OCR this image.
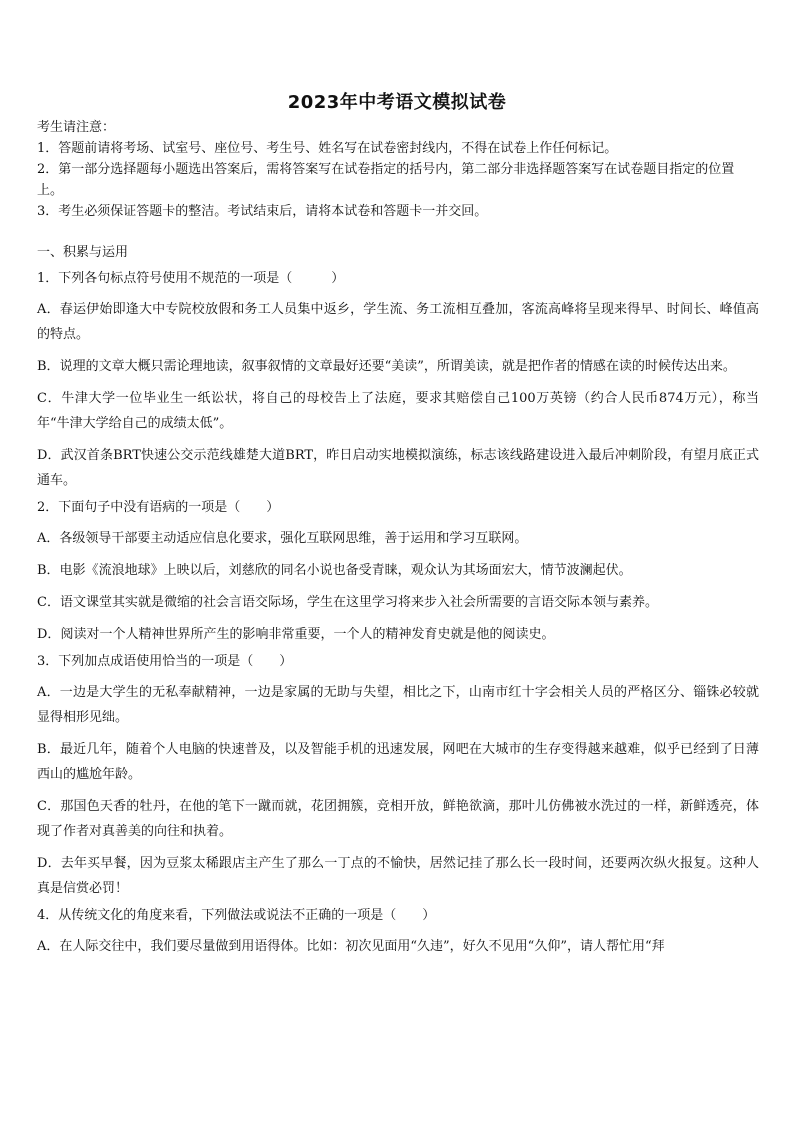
2023年中考语文模拟试卷

考生请注意：

1．答题前请将考场、试室号、座位号、考生号、姓名写在试卷密封线内，不得在试卷上作任何标记。

2．第一部分选择题每小题选出答案后，需将答案写在试卷指定的括号内，第二部分非选择题答案写在试卷题目指定的位置上。

3．考生必须保证答题卡的整洁。考试结束后，请将本试卷和答题卡一并交回。

一、积累与运用

1．下列各句标点符号使用不规范的一项是（　　　）

A．春运伊始即逢大中专院校放假和务工人员集中返乡，学生流、务工流相互叠加，客流高峰将呈现来得早、时间长、峰值高的特点。

B．说理的文章大概只需论理地读，叙事叙情的文章最好还要“美读”，所谓美读，就是把作者的情感在读的时候传达出来。

C．牛津大学一位毕业生一纸讼状，将自己的母校告上了法庭，要求其赔偿自己100万英镑（约合人民币874万元），称当年“牛津大学给自己的成绩太低”。

D．武汉首条BRT快速公交示范线雄楚大道BRT，昨日启动实地模拟演练，标志该线路建设进入最后冲刺阶段，有望月底正式通车。

2．下面句子中没有语病的一项是（　　）

A．各级领导干部要主动适应信息化要求，强化互联网思维，善于运用和学习互联网。

B．电影《流浪地球》上映以后，刘慈欣的同名小说也备受青睐，观众认为其场面宏大，情节波澜起伏。

C．语文课堂其实就是微缩的社会言语交际场，学生在这里学习将来步入社会所需要的言语交际本领与素养。

D．阅读对一个人精神世界所产生的影响非常重要，一个人的精神发育史就是他的阅读史。

3．下列加点成语使用恰当的一项是（　　）

A．一边是大学生的无私奉献精神，一边是家属的无助与失望，相比之下，山南市红十字会相关人员的严格区分、锱铢必较就显得相形见绌。

B．最近几年，随着个人电脑的快速普及，以及智能手机的迅速发展，网吧在大城市的生存变得越来越难，似乎已经到了日薄西山的尴尬年龄。

C．那国色天香的牡丹，在他的笔下一蹴而就，花团拥簇，竞相开放，鲜艳欲滴，那叶儿仿佛被水洗过的一样，新鲜透亮，体现了作者对真善美的向往和执着。

D．去年买早餐，因为豆浆太稀跟店主产生了那么一丁点的不愉快，居然记挂了那么长一段时间，还要两次纵火报复。这种人真是信赏必罚！

4．从传统文化的角度来看，下列做法或说法不正确的一项是（　　）

A．在人际交往中，我们要尽量做到用语得体。比如：初次见面用“久违”，好久不见用“久仰”，请人帮忙用“拜
